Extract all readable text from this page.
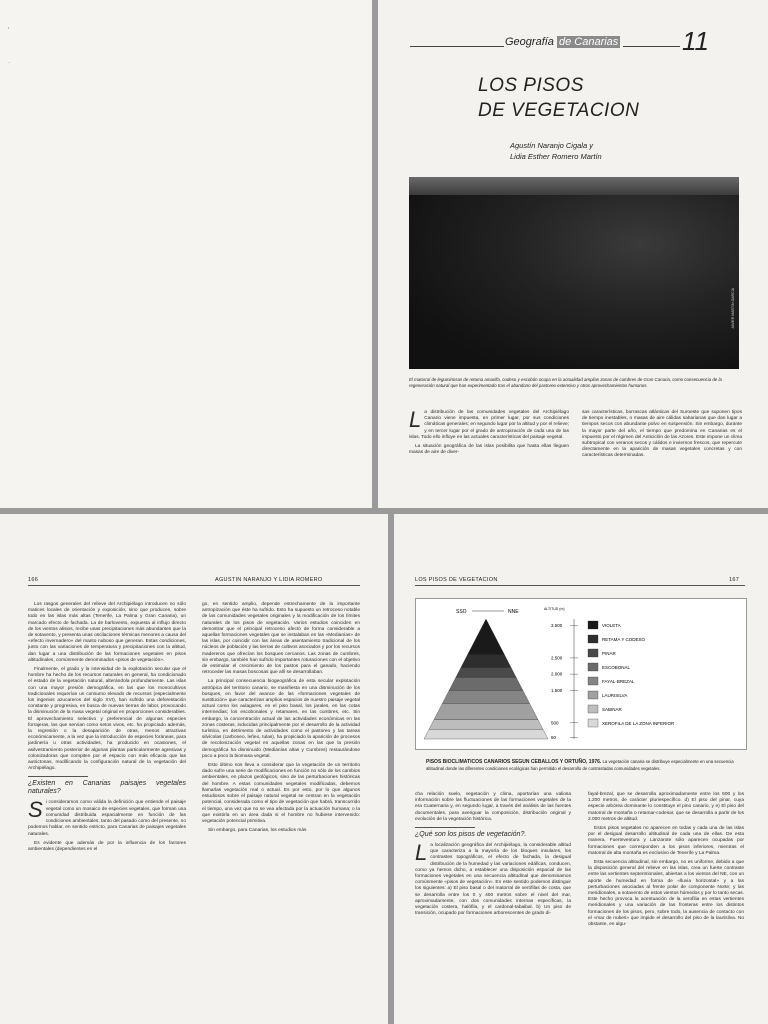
'
·
Geografía de Canarias 11
LOS PISOS
DE VEGETACION
Agustín Naranjo Cigala y
Lidia Esther Romero Martín
JAVIER MARTÍN GARCÍA
El matorral de leguminosas de retama amarilla, codeso y escobón ocupa en la actualidad amplias zonas de cumbres de Gran Canaria, como consecuencia de la regeneración natural que han experimentado tras el abandono del pastoreo extensivo y otros aprovechamientos humanos.

La distribución de las comunidades vegetales del Archipiélago Canario viene impuesta, en primer lugar, por sus condiciones climáticas generales; en segundo lugar por la altitud y por el relieve; y en tercer lugar por el grado de antropización de cada una de las islas. Todo ello influye en las actuales características del paisaje vegetal.

La situación geográfica de las islas posibilita que hasta ellas lleguen masas de aire de diver-

sas características, borrascas atlánticas del Suroeste que suponen tipos de tiempo inestables, o masas de aire cálidas saharianas que dan lugar a tiempos secos con abundante polvo en suspensión. Sin embargo, durante la mayor parte del año, el tiempo que predomina en Canarias es el impuesto por el régimen del Anticiclón de las Azores. Este impone un clima subtropical con veranos secos y cálidos e inviernos frescos, que repercute directamente en la aparición de masas vegetales concretas y con características determinadas.

166	AGUSTIN NARANJO Y LIDIA ROMERO

Los rasgos generales del relieve del Archipiélago introducen no sólo matices locales de orientación y exposición, sino que producen, sobre todo en las islas más altas (Tenerife, La Palma y Gran Canaria), un marcado efecto de fachada. La de barlovento, expuesta al influjo directo de los vientos alisios, recibe unas precipitaciones más abundantes que la de sotavento, y presenta unas oscilaciones térmicas menores a causa del «efecto invernadero» del manto nuboso que generan. Estas condiciones, junto con las variaciones de temperatura y precipitaciones con la altitud, dan lugar a una distribución de las formaciones vegetales en pisos altitudinales, comúnmente denominados «pisos de vegetación».

Finalmente, el grado y la intensidad de la explotación secular que el hombre ha hecho de los recursos naturales en general, ha condicionado el estado de la vegetación natural, alterándola profundamente. Las islas con una mayor presión demográfica, en las que los monocultivos tradicionales requerían un consumo elevado de recursos (especialmente los ingenios azucareros del siglo XVI), han sufrido una deforestación constante y progresiva, en busca de nuevas tierras de labor, provocando la disminución de la masa vegetal original en proporciones considerables. El aprovechamiento selectivo y preferencial de algunas especies forrajeras, las que servían como setos vivos, etc. ha propiciado además, la regresión o la desaparición de otras, menos atractivas económicamente, a la vez que la introducción de especies foráneas, para jardinería u otras actividades, ha producido en ocasiones, el asilvestramiento posterior de algunas plantas particularmente agresivas y colonizadoras que compiten por el espacio con más eficacia que las autóctonas, modificando la configuración natural de la vegetación del Archipiélago.

¿Existen en Canarias paisajes vegetales naturales?

Si consideramos como válida la definición que entiende el paisaje vegetal como un mosaico de especies vegetales, que forman una comunidad distribuida espacialmente en función de las condiciones ambientales, tanto del pasado como del presente, no podemos hablar, en sentido estricto, para Canarias de paisajes vegetales naturales.

Es evidente que además de por la influencia de los factores ambientales (dependientes en el

go, en sentido amplio, depende estrechamente de la importante antropización que éste ha sufrido. Esto ha supuesto un retroceso notable de las comunidades vegetales originales y la modificación de los límites naturales de los pisos de vegetación. Varios estudios coinciden en demostrar que el principal retroceso afectó de forma considerable a aquellas formaciones vegetales que se instalaban en las «Medianías» de las islas, por coincidir con las áreas de asentamiento tradicional de los núcleos de población y las tierras de cultivos asociados y por los recursos madereros que ofrecían los bosques cercanos. Las zonas de cumbres, sin embargo, también han sufrido importantes roturaciones con el objetivo de estimular el crecimiento de los pastos para el ganado, haciendo retroceder las masas boscosas que allí se desarrollaban.

La principal consecuencia biogeográfica de esta secular explotación antrópica del territorio canario, se manifiesta en una disminución de los bosques, en favor del avance de las «formaciones vegetales de sustitución» que caracterizan amplios espacios de nuestro paisaje vegetal actual como los aulagares, en el piso basal, los jarales, en las cotas intermedias; los escobonales y retamares, en las cumbres, etc. Sin embargo, la concentración actual de las actividades económicas en las zonas costeras, inducidas principalmente por el desarrollo de la actividad turística, en detrimento de actividades como el pastoreo y las tareas silvícolas (carboneo, leñeo, tulas), ha propiciado la aparición de procesos de recolonización vegetal en aquellas zonas en las que la presión demográfica ha disminuido (Medianías altas y Cumbres) restaurándose poco a poco la biomasa vegetal.

Esto último nos lleva a considerar que la vegetación de un territorio dado sufre una serie de modificaciones en función no sólo de los cambios ambientales, en plazos geológicos, sino de las perturbaciones históricas del hombre. A estas comunidades vegetales modificadas, debemos llamarlas vegetación real o actual. Es por esto, por lo que algunos estudiosos sobre el paisaje natural vegetal se centran en la vegetación potencial, considerada como el tipo de vegetación que habrá, transcurrido el tiempo, una vez que no se vea afectada por la actuación humana; o la que existiría en un área dada si el hombre no hubiese intervenido: vegetación potencial primitiva.

Sin embargo, para Canarias, los estudios más

LOS PISOS DE VEGETACION	167
3.500
2.500
2.000
1.500
500
50
VIOLETA
RETAMA Y CODESO
PINAR
ESCOBONAL
FAYAL-BREZAL
LAURISILVA
SABINAR
XEROFILA DE LA ZONA INFERIOR
SSO	NNE	ALTITUD (m)
PISOS BIOCLIMATICOS CANARIOS SEGUN CEBALLOS Y ORTUÑO, 1976. La vegetación canaria se distribuye especialmente en una secuencia altitudinal donde las diferentes condiciones ecológicas han permitido el desarrollo de contrastadas comunidades vegetales.

cha relación suelo, vegetación y clima, aportarían una valiosa información sobre las fluctuaciones de las formaciones vegetales de la era Cuaternaria y, en segundo lugar, a través del análisis de las fuentes documentales, para averiguar la composición, distribución original y evolución de la vegetación histórica.

¿Qué son los pisos de vegetación?.

La localización geográfica del Archipiélago, la considerable altitud que caracteriza a la mayoría de los bloques insulares, los contrastes topográficos, el efecto de fachada, la desigual distribución de la humedad y las variaciones edáficas, conducen, como ya hemos dicho, a establecer una disposición espacial de las formaciones vegetales en una secuencia altitudinal que denominamos comúnmente «pisos de vegetación». En este sentido podemos distinguir los siguientes: a) El piso basal o del matorral de xerófilas de costa, que se desarrolla entre los 0 y 400 metros sobre el nivel del mar, aproximadamente, con dos comunidades internas específicas, la vegetación costera, halófila, y el cardonal-tabaibal. b) Un piso de transición, ocupado por formaciones arborescentes de grado di-

fayal-brezal, que se desarrolla aproximadamente entre los 600 y los 1.200 metros, de carácter pluriespecífico. d) El piso del pinar, cuya especie arbórea dominante lo constituye el pino canario, y e) El piso del matorral de montaña o retamar-codesar, que se desarrolla a partir de los 2.000 metros de altitud.

Estos pisos vegetales no aparecen en todas y cada una de las islas por el desigual desarrollo altitudinal de cada una de ellas. De esta manera, Fuerteventura y Lanzarote sólo aparecen ocupadas por formaciones que corresponden a los pisos inferiores, mientras el matorral de alta montaña es exclusivo de Tenerife y La Palma.

Esta secuencia altitudinal, sin embargo, no es uniforme, debido a que la disposición general del relieve en las islas, crea un fuerte contraste entre las vertientes septentrionales, abiertas a los vientos del NE, con un aporte de humedad en forma de «lluvia horizontal» y a las perturbaciones asociadas al frente polar de componente Norte; y las meridionales, a sotavento de estos vientos húmedos y por lo tanto secas. Este hecho provoca la acentuación de la xerofilia en estas vertientes meridionales y una variación de las fronteras entre los distintos formaciones de los pisos, pero, sobre todo, la ausencia de contacto con el «mar de nubes» que impide el desarrollo del piso de la laurisilva. No obstante, en algu-
